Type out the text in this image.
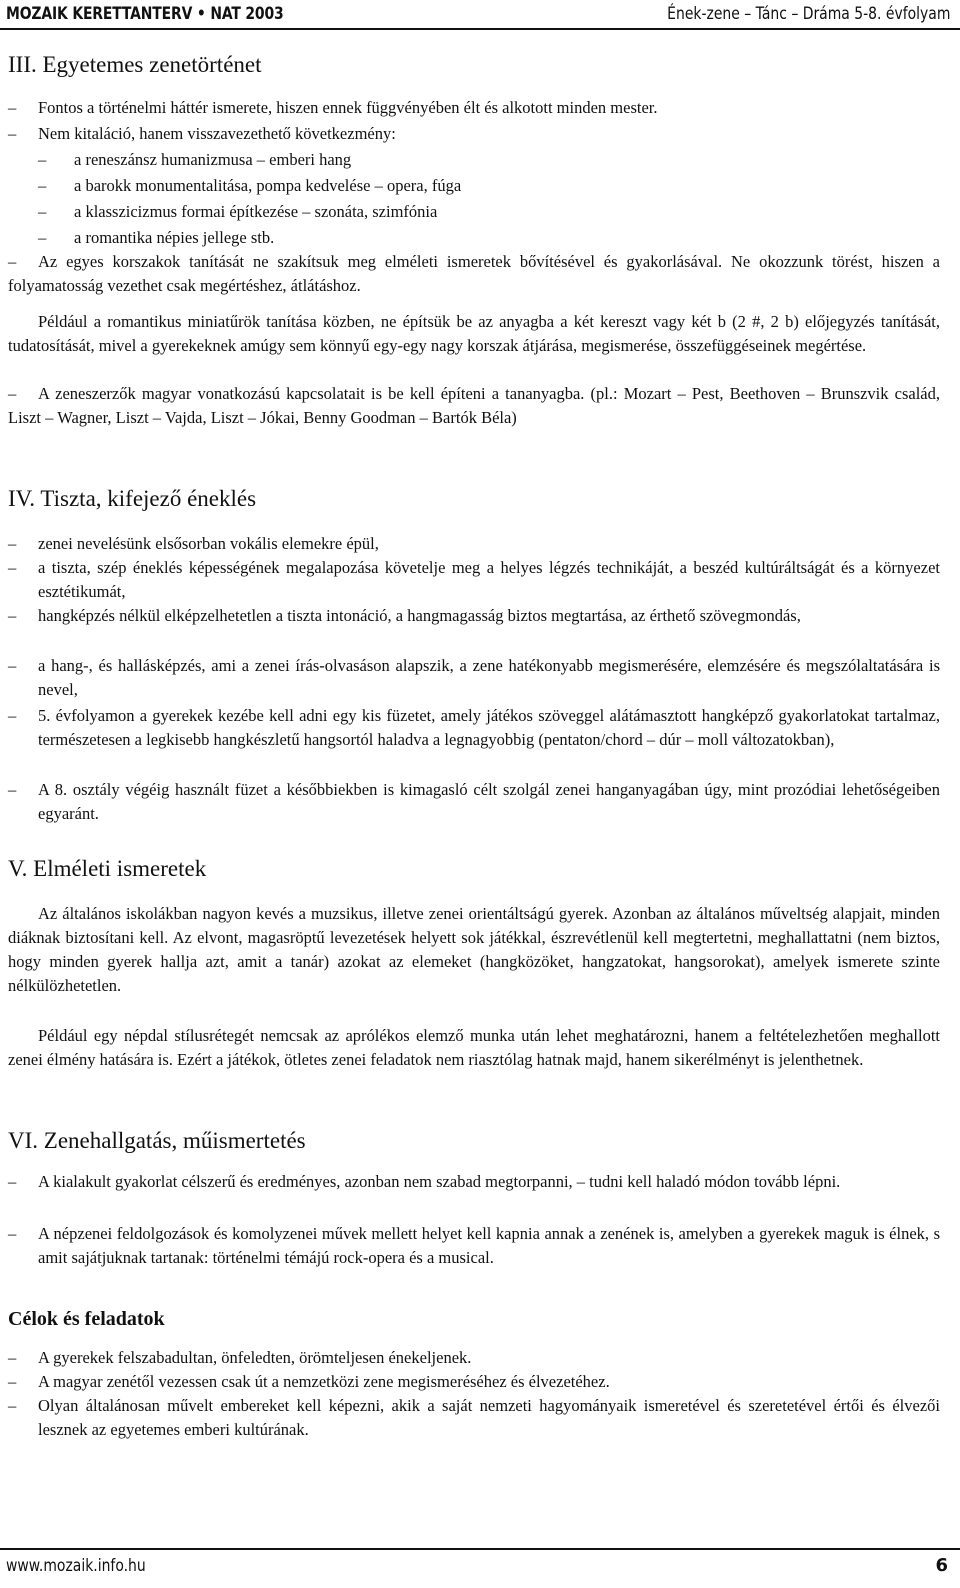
MOZAIK KERETTANTERV • NAT 2003	Ének-zene – Tánc – Dráma 5-8. évfolyam
III. Egyetemes zenetörténet
– Fontos a történelmi háttér ismerete, hiszen ennek függvényében élt és alkotott minden mester.
– Nem kitaláció, hanem visszavezethető következmény:
– a reneszánsz humanizmusa – emberi hang
– a barokk monumentalitása, pompa kedvelése – opera, fúga
– a klasszicizmus formai építkezése – szonáta, szimfónia
– a romantika népies jellege stb.
–	Az egyes korszakok tanítását ne szakítsuk meg elméleti ismeretek bővítésével és gyakorlásával. Ne okozzunk törést, hiszen a folyamatosság vezethet csak megértéshez, átlátáshoz.
Például a romantikus miniatűrök tanítása közben, ne építsük be az anyagba a két kereszt vagy két b (2 #, 2 b) előjegyzés tanítását, tudatosítását, mivel a gyerekeknek amúgy sem könnyű egy-egy nagy korszak átjárása, megismerése, összefüggéseinek megértése.
–	A zeneszerzők magyar vonatkozású kapcsolatait is be kell építeni a tananyagba. (pl.: Mozart – Pest, Beethoven – Brunszvik család, Liszt – Wagner, Liszt – Vajda, Liszt – Jókai, Benny Goodman – Bartók Béla)
IV. Tiszta, kifejező éneklés
– zenei nevelésünk elsősorban vokális elemekre épül,
– a tiszta, szép éneklés képességének megalapozása követelje meg a helyes légzés technikáját, a beszéd kultúráltságát és a környezet esztétikumát,
– hangképzés nélkül elképzelhetetlen a tiszta intonáció, a hangmagasság biztos megtartása, az érthető szövegmondás,
– a hang-, és hallásképzés, ami a zenei írás-olvasáson alapszik, a zene hatékonyabb megismerésére, elemzésére és megszólaltatására is nevel,
– 5. évfolyamon a gyerekek kezébe kell adni egy kis füzetet, amely játékos szöveggel alátámasztott hangképző gyakorlatokat tartalmaz, természetesen a legkisebb hangkészletű hangsortól haladva a legnagyobbig (pentaton/chord – dúr – moll változatokban),
– A 8. osztály végéig használt füzet a későbbiekben is kimagasló célt szolgál zenei hanganyagában úgy, mint prozódiai lehetőségeiben egyaránt.
V. Elméleti ismeretek
Az általános iskolákban nagyon kevés a muzsikus, illetve zenei orientáltságú gyerek. Azonban az általános műveltség alapjait, minden diáknak biztosítani kell. Az elvont, magasröptű levezetések helyett sok játékkal, észrevétlenül kell megtertetni, meghallattatni (nem biztos, hogy minden gyerek hallja azt, amit a tanár) azokat az elemeket (hangközöket, hangzatokat, hangsorokat), amelyek ismerete szinte nélkülözhetetlen.
Például egy népdal stílusrétegét nemcsak az aprólékos elemző munka után lehet meghatározni, hanem a feltételezhetően meghallott zenei élmény hatására is. Ezért a játékok, ötletes zenei feladatok nem riasztólag hatnak majd, hanem sikerélményt is jelenthetnek.
VI. Zenehallgatás, műismertetés
– A kialakult gyakorlat célszerű és eredményes, azonban nem szabad megtorpanni, – tudni kell haladó módon tovább lépni.
– A népzenei feldolgozások és komolyzenei művek mellett helyet kell kapnia annak a zenének is, amelyben a gyerekek maguk is élnek, s amit sajátjuknak tartanak: történelmi témájú rock-opera és a musical.
Célok és feladatok
– A gyerekek felszabadultan, önfeledten, örömteljesen énekeljenek.
– A magyar zenétől vezessen csak út a nemzetközi zene megismeréséhez és élvezetéhez.
– Olyan általánosan művelt embereket kell képezni, akik a saját nemzeti hagyományaik ismeretével és szeretetével értői és élvezői lesznek az egyetemes emberi kultúrának.
www.mozaik.info.hu	6
